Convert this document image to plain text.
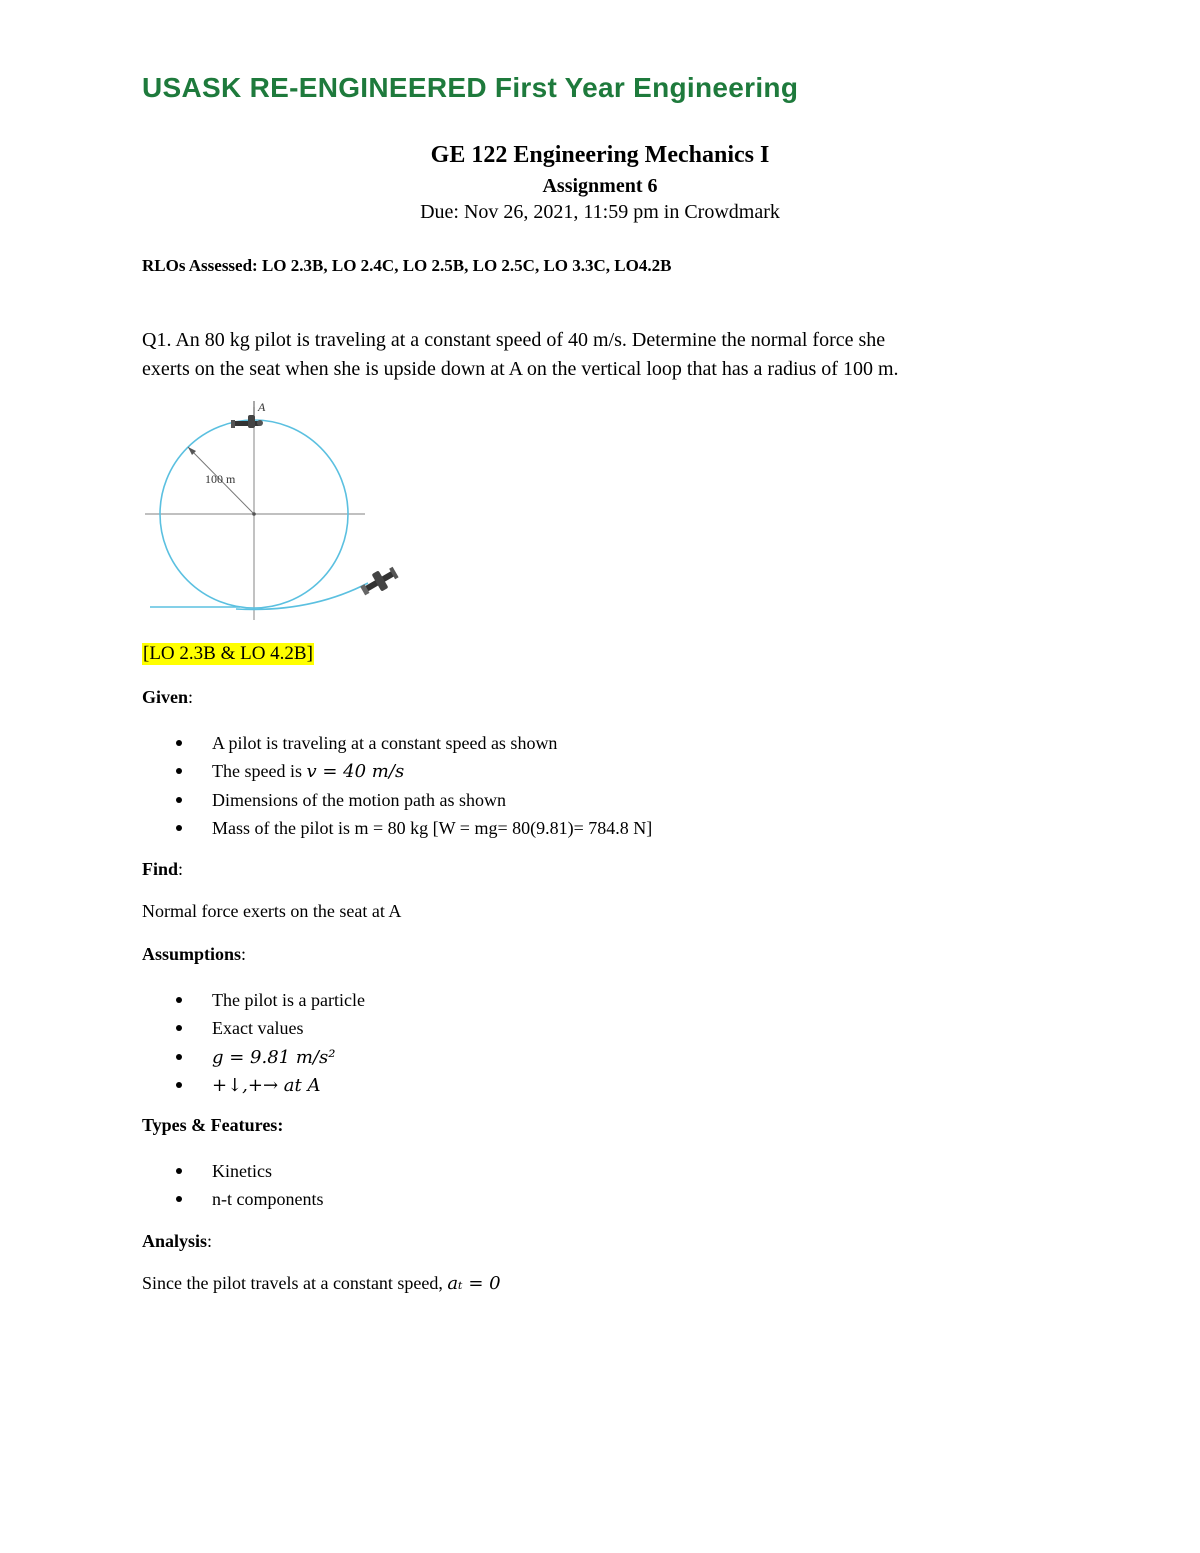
USASK RE-ENGINEERED First Year Engineering
GE 122 Engineering Mechanics I
Assignment 6
Due: Nov 26, 2021, 11:59 pm in Crowdmark
RLOs Assessed: LO 2.3B, LO 2.4C, LO 2.5B, LO 2.5C, LO 3.3C, LO4.2B
Q1. An 80 kg pilot is traveling at a constant speed of 40 m/s. Determine the normal force she
exerts on the seat when she is upside down at A on the vertical loop that has a radius of 100 m.
100 m
A
[LO 2.3B & LO 4.2B]
Given:
A pilot is traveling at a constant speed as shown
The speed is v = 40 m/s
Dimensions of the motion path as shown
Mass of the pilot is m = 80 kg [W = mg= 80(9.81)= 784.8 N]
Find:
Normal force exerts on the seat at A
Assumptions:
The pilot is a particle
Exact values
g = 9.81 m/s²
+↓,+→ at A
Types & Features:
Kinetics
n-t components
Analysis:
Since the pilot travels at a constant speed, aₜ = 0
